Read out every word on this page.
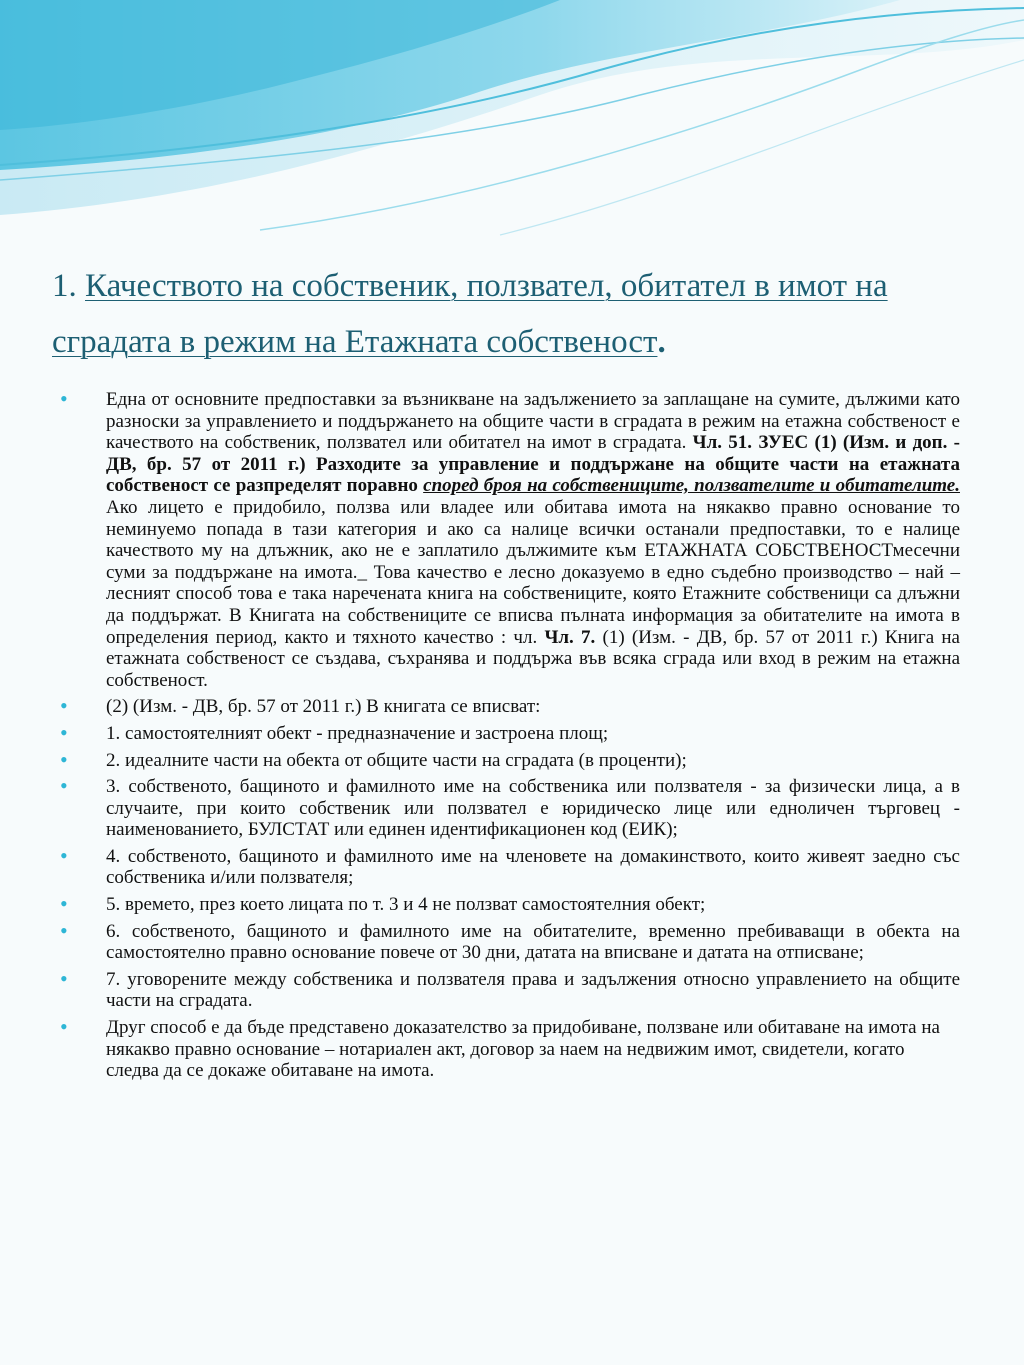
1. Качеството на собственик, ползвател, обитател в имот на сградата в режим на Етажната собственост.
• Една от основните предпоставки за възникване на задължението за заплащане на сумите, дължими като разноски за управлението и поддържането на общите части в сградата в режим на етажна собственост е качеството на собственик, ползвател или обитател на имот в сградата. Чл. 51. ЗУЕС (1) (Изм. и доп. - ДВ, бр. 57 от 2011 г.) Разходите за управление и поддържане на общите части на етажната собственост се разпределят поравно според броя на собствениците, ползвателите и обитателите. Ако лицето е придобило, ползва или владее или обитава имота на някакво правно основание то неминуемо попада в тази категория и ако са налице всички останали предпоставки, то е налице качеството му на длъжник, ако не е заплатило дължимите към ЕТАЖНАТА СОБСТВЕНОСТмесечни суми за поддържане на имота._ Това качество е лесно доказуемо в едно съдебно производство – най – лесният способ това е така наречената книга на собствениците, която Етажните собственици са длъжни да поддържат. В Книгата на собствениците се вписва пълната информация за обитателите на имота в определения период, както и тяхното качество : чл. Чл. 7. (1) (Изм. - ДВ, бр. 57 от 2011 г.) Книга на етажната собственост се създава, съхранява и поддържа във всяка сграда или вход в режим на етажна собственост.
• (2) (Изм. - ДВ, бр. 57 от 2011 г.) В книгата се вписват:
• 1. самостоятелният обект - предназначение и застроена площ;
• 2. идеалните части на обекта от общите части на сградата (в проценти);
• 3. собственото, бащиното и фамилното име на собственика или ползвателя - за физически лица, а в случаите, при които собственик или ползвател е юридическо лице или едноличен търговец - наименованието, БУЛСТАТ или единен идентификационен код (ЕИК);
• 4. собственото, бащиното и фамилното име на членовете на домакинството, които живеят заедно със собственика и/или ползвателя;
• 5. времето, през което лицата по т. 3 и 4 не ползват самостоятелния обект;
• 6. собственото, бащиното и фамилното име на обитателите, временно пребиваващи в обекта на самостоятелно правно основание повече от 30 дни, датата на вписване и датата на отписване;
• 7. уговорените между собственика и ползвателя права и задължения относно управлението на общите части на сградата.
• Друг способ е да бъде представено доказателство за придобиване, ползване или обитаване на имота на някакво правно основание – нотариален акт, договор за наем на недвижим имот, свидетели, когато следва да се докаже обитаване на имота.
